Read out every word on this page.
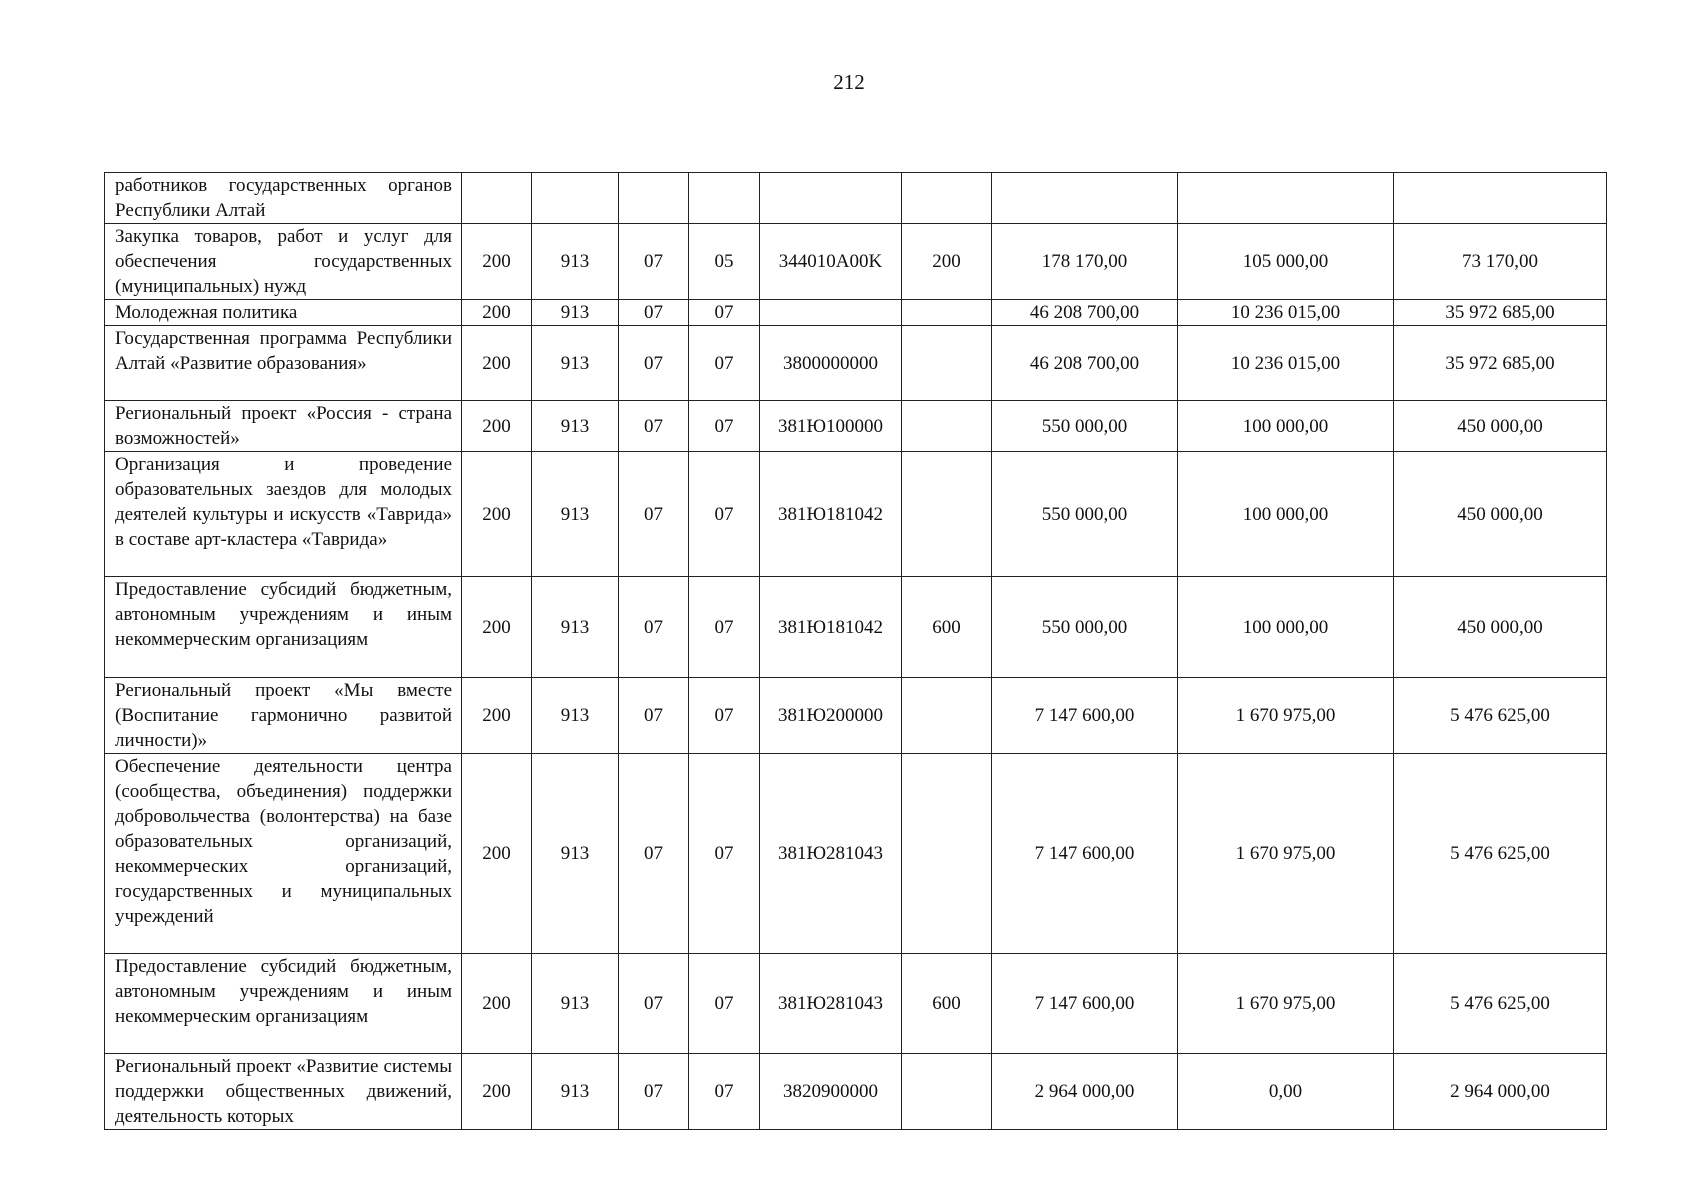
212
работников государственных органов Республики Алтай									
Закупка товаров, работ и услуг для обеспечения государственных (муниципальных) нужд	200	913	07	05	344010A00K	200	178 170,00	105 000,00	73 170,00
Молодежная политика	200	913	07	07			46 208 700,00	10 236 015,00	35 972 685,00
Государственная программа Республики Алтай «Развитие образования»	200	913	07	07	3800000000		46 208 700,00	10 236 015,00	35 972 685,00
Региональный проект «Россия - страна возможностей»	200	913	07	07	381Ю100000		550 000,00	100 000,00	450 000,00
Организация и проведение образовательных заездов для молодых деятелей культуры и искусств «Таврида» в составе арт-кластера «Таврида»	200	913	07	07	381Ю181042		550 000,00	100 000,00	450 000,00
Предоставление субсидий бюджетным, автономным учреждениям и иным некоммерческим организациям	200	913	07	07	381Ю181042	600	550 000,00	100 000,00	450 000,00
Региональный проект «Мы вместе (Воспитание гармонично развитой личности)»	200	913	07	07	381Ю200000		7 147 600,00	1 670 975,00	5 476 625,00
Обеспечение деятельности центра (сообщества, объединения) поддержки добровольчества (волонтерства) на базе образовательных организаций, некоммерческих организаций, государственных и муниципальных учреждений	200	913	07	07	381Ю281043		7 147 600,00	1 670 975,00	5 476 625,00
Предоставление субсидий бюджетным, автономным учреждениям и иным некоммерческим организациям	200	913	07	07	381Ю281043	600	7 147 600,00	1 670 975,00	5 476 625,00
Региональный проект «Развитие системы поддержки общественных движений, деятельность которых	200	913	07	07	3820900000		2 964 000,00	0,00	2 964 000,00
